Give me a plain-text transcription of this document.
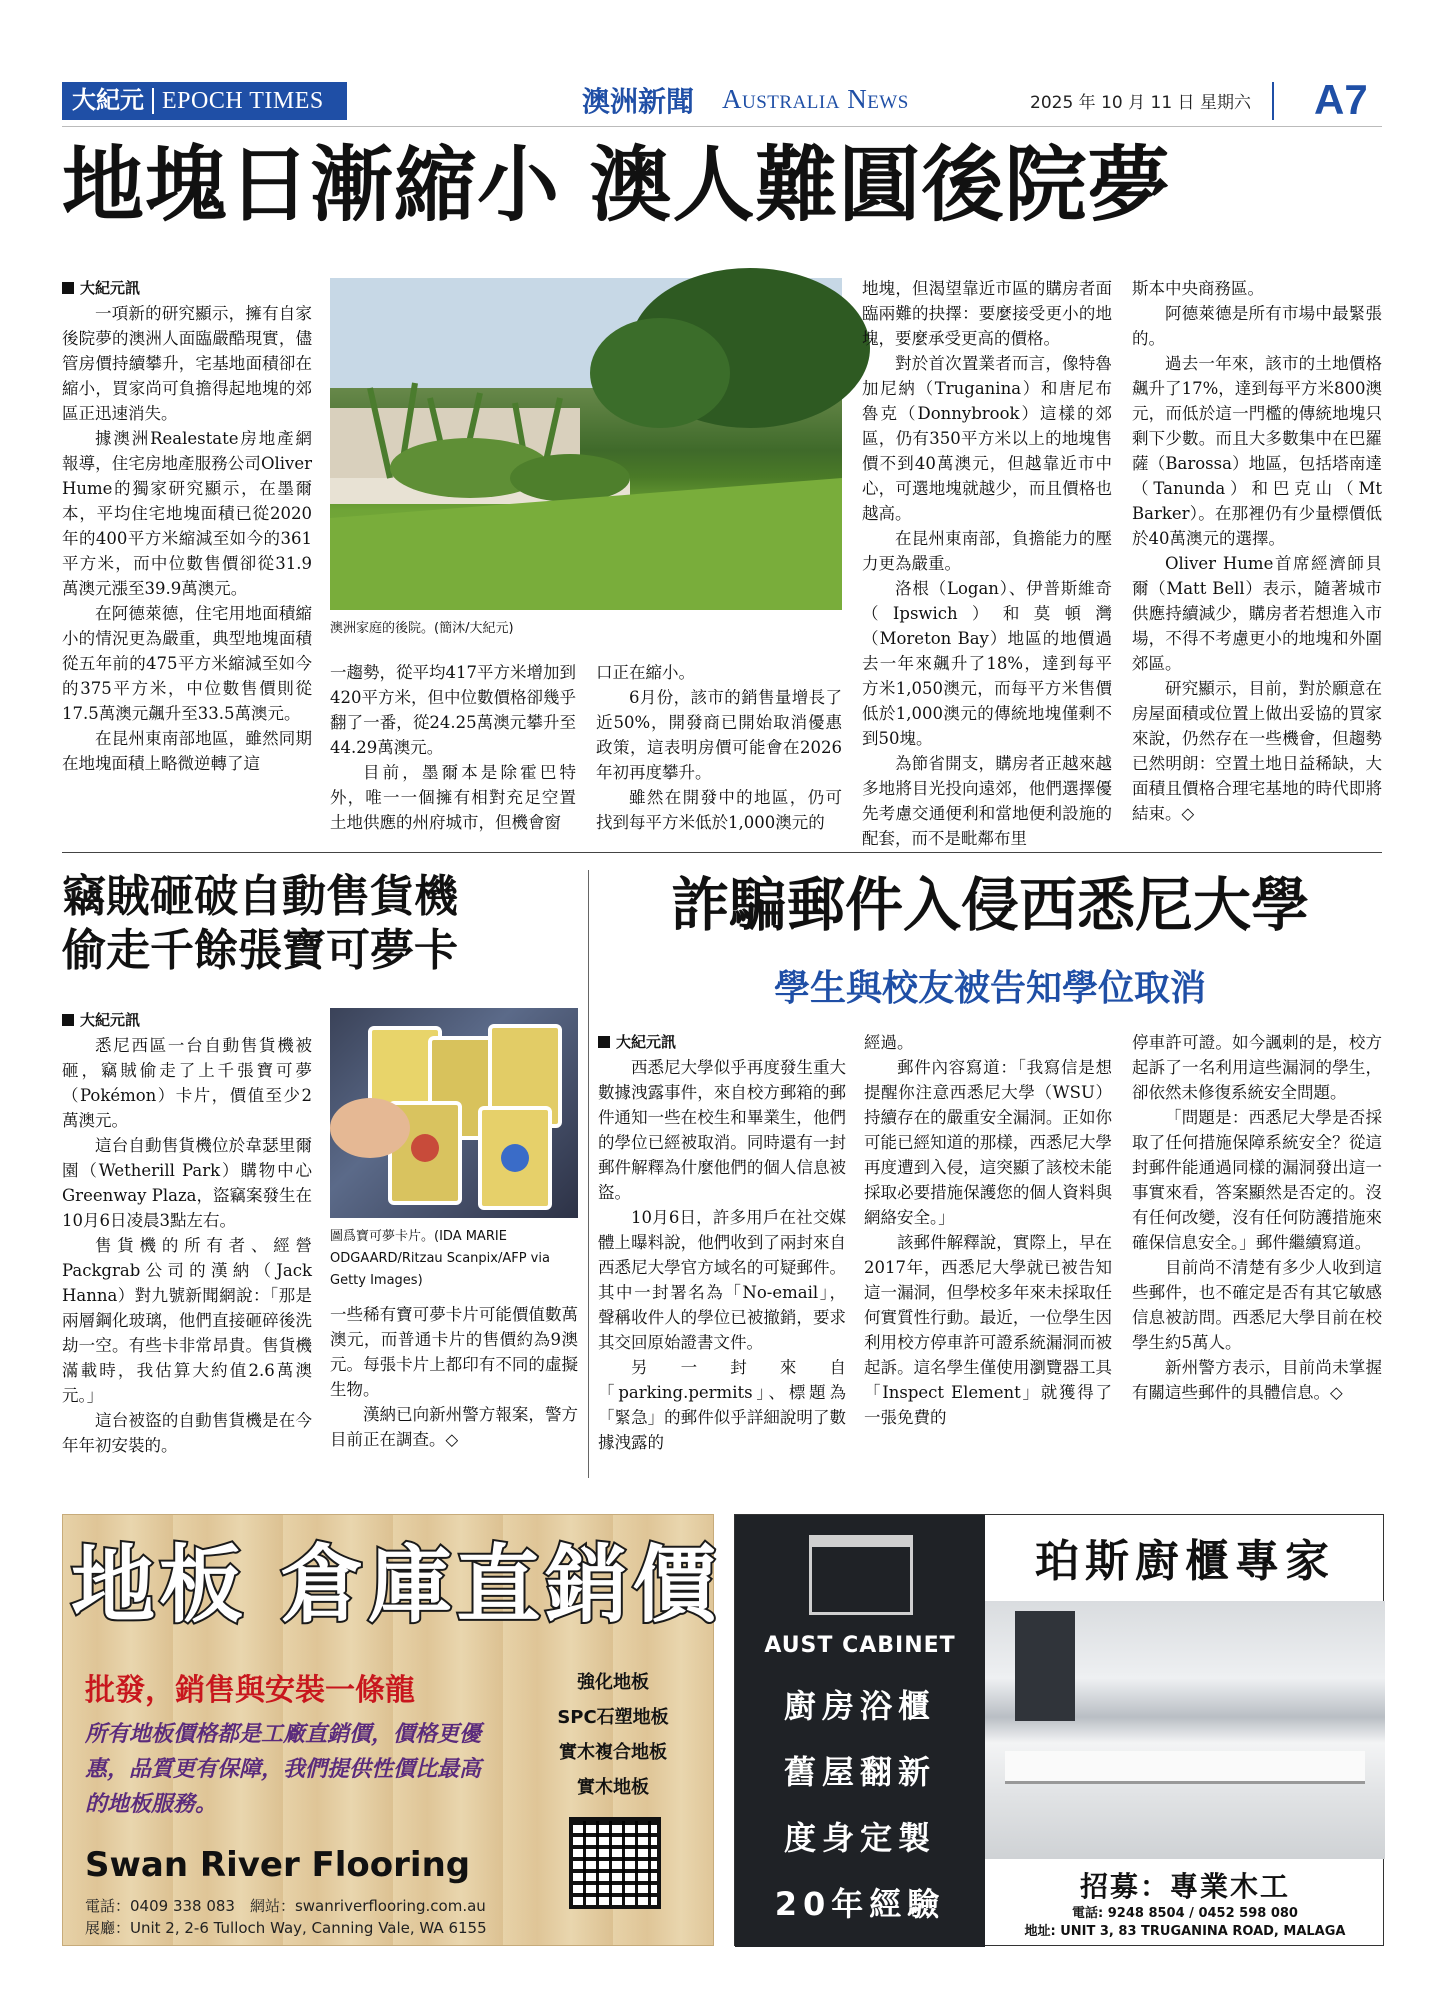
大紀元 EPOCH TIMES	澳洲新聞 Australia News	2025 年 10 月 11 日 星期六 A7
地塊日漸縮小 澳人難圓後院夢

大紀元訊

一項新的研究顯示，擁有自家後院夢的澳洲人面臨嚴酷現實，儘管房價持續攀升，宅基地面積卻在縮小，買家尚可負擔得起地塊的郊區正迅速消失。

據澳洲Realestate房地產網報導，住宅房地產服務公司Oliver Hume的獨家研究顯示，在墨爾本，平均住宅地塊面積已從2020年的400平方米縮減至如今的361平方米，而中位數售價卻從31.9萬澳元漲至39.9萬澳元。

在阿德萊德，住宅用地面積縮小的情況更為嚴重，典型地塊面積從五年前的475平方米縮減至如今的375平方米，中位數售價則從17.5萬澳元飆升至33.5萬澳元。

在昆州東南部地區，雖然同期在地塊面積上略微逆轉了這

澳洲家庭的後院。(簡沐/大紀元)

一趨勢，從平均417平方米增加到420平方米，但中位數價格卻幾乎翻了一番，從24.25萬澳元攀升至44.29萬澳元。

目前，墨爾本是除霍巴特外，唯一一個擁有相對充足空置土地供應的州府城市，但機會窗

口正在縮小。

6月份，該市的銷售量增長了近50%，開發商已開始取消優惠政策，這表明房價可能會在2026年初再度攀升。

雖然在開發中的地區，仍可找到每平方米低於1,000澳元的

地塊，但渴望靠近市區的購房者面臨兩難的抉擇：要麼接受更小的地塊，要麼承受更高的價格。

對於首次置業者而言，像特魯加尼納（Truganina）和唐尼布魯克（Donnybrook）這樣的郊區，仍有350平方米以上的地塊售價不到40萬澳元，但越靠近市中心，可選地塊就越少，而且價格也越高。

在昆州東南部，負擔能力的壓力更為嚴重。

洛根（Logan）、伊普斯維奇（Ipswich）和莫頓灣（Moreton Bay）地區的地價過去一年來飆升了18%，達到每平方米1,050澳元，而每平方米售價低於1,000澳元的傳統地塊僅剩不到50塊。

為節省開支，購房者正越來越多地將目光投向遠郊，他們選擇優先考慮交通便利和當地便利設施的配套，而不是毗鄰布里

斯本中央商務區。

阿德萊德是所有市場中最緊張的。

過去一年來，該市的土地價格飆升了17%，達到每平方米800澳元，而低於這一門檻的傳統地塊只剩下少數。而且大多數集中在巴羅薩（Barossa）地區，包括塔南達（Tanunda）和巴克山（Mt Barker）。在那裡仍有少量標價低於40萬澳元的選擇。

Oliver Hume首席經濟師貝爾（Matt Bell）表示，隨著城市供應持續減少，購房者若想進入市場，不得不考慮更小的地塊和外圍郊區。

研究顯示，目前，對於願意在房屋面積或位置上做出妥協的買家來說，仍然存在一些機會，但趨勢已然明朗：空置土地日益稀缺，大面積且價格合理宅基地的時代即將結束。◇

竊賊砸破自動售貨機
偷走千餘張寶可夢卡

大紀元訊

悉尼西區一台自動售貨機被砸，竊賊偷走了上千張寶可夢（Pokémon）卡片，價值至少2萬澳元。

這台自動售貨機位於韋瑟里爾園（Wetherill Park）購物中心Greenway Plaza，盜竊案發生在10月6日凌晨3點左右。

售貨機的所有者、經營Packgrab公司的漢納（Jack Hanna）對九號新聞網說：「那是兩層鋼化玻璃，他們直接砸碎後洗劫一空。有些卡非常昂貴。售貨機滿載時，我估算大約值2.6萬澳元。」

這台被盜的自動售貨機是在今年年初安裝的。

圖爲寶可夢卡片。(IDA MARIE ODGAARD/Ritzau Scanpix/AFP via Getty Images)

一些稀有寶可夢卡片可能價值數萬澳元，而普通卡片的售價約為9澳元。每張卡片上都印有不同的虛擬生物。

漢納已向新州警方報案，警方目前正在調查。◇

詐騙郵件入侵西悉尼大學
學生與校友被告知學位取消

大紀元訊

西悉尼大學似乎再度發生重大數據洩露事件，來自校方郵箱的郵件通知一些在校生和畢業生，他們的學位已經被取消。同時還有一封郵件解釋為什麼他們的個人信息被盜。

10月6日，許多用戶在社交媒體上曝料說，他們收到了兩封來自西悉尼大學官方域名的可疑郵件。其中一封署名為「No-email」，聲稱收件人的學位已被撤銷，要求其交回原始證書文件。

另一封來自「parking.permits」、標題為「緊急」的郵件似乎詳細說明了數據洩露的

經過。

郵件內容寫道：「我寫信是想提醒你注意西悉尼大學（WSU）持續存在的嚴重安全漏洞。正如你可能已經知道的那樣，西悉尼大學再度遭到入侵，這突顯了該校未能採取必要措施保護您的個人資料與網絡安全。」

該郵件解釋說，實際上，早在2017年，西悉尼大學就已被告知這一漏洞，但學校多年來未採取任何實質性行動。最近，一位學生因利用校方停車許可證系統漏洞而被起訴。這名學生僅使用瀏覽器工具「Inspect Element」就獲得了一張免費的

停車許可證。如今諷刺的是，校方起訴了一名利用這些漏洞的學生，卻依然未修復系統安全問題。

「問題是：西悉尼大學是否採取了任何措施保障系統安全？從這封郵件能通過同樣的漏洞發出這一事實來看，答案顯然是否定的。沒有任何改變，沒有任何防護措施來確保信息安全。」郵件繼續寫道。

目前尚不清楚有多少人收到這些郵件，也不確定是否有其它敏感信息被訪問。西悉尼大學目前在校學生約5萬人。

新州警方表示，目前尚未掌握有關這些郵件的具體信息。◇

地板 倉庫直銷價
批發，銷售與安裝一條龍
所有地板價格都是工廠直銷價，價格更優惠，品質更有保障，我們提供性價比最高的地板服務。
強化地板
SPC石塑地板
實木複合地板
實木地板
Swan River Flooring
電話：0409 338 083　網站：swanriverflooring.com.au
展廳：Unit 2, 2-6 Tulloch Way, Canning Vale, WA 6155
AUST CABINET
廚房浴櫃
舊屋翻新
度身定製
20年經驗
珀斯廚櫃專家
招募：專業木工
電話: 9248 8504 / 0452 598 080
地址: UNIT 3, 83 TRUGANINA ROAD, MALAGA
